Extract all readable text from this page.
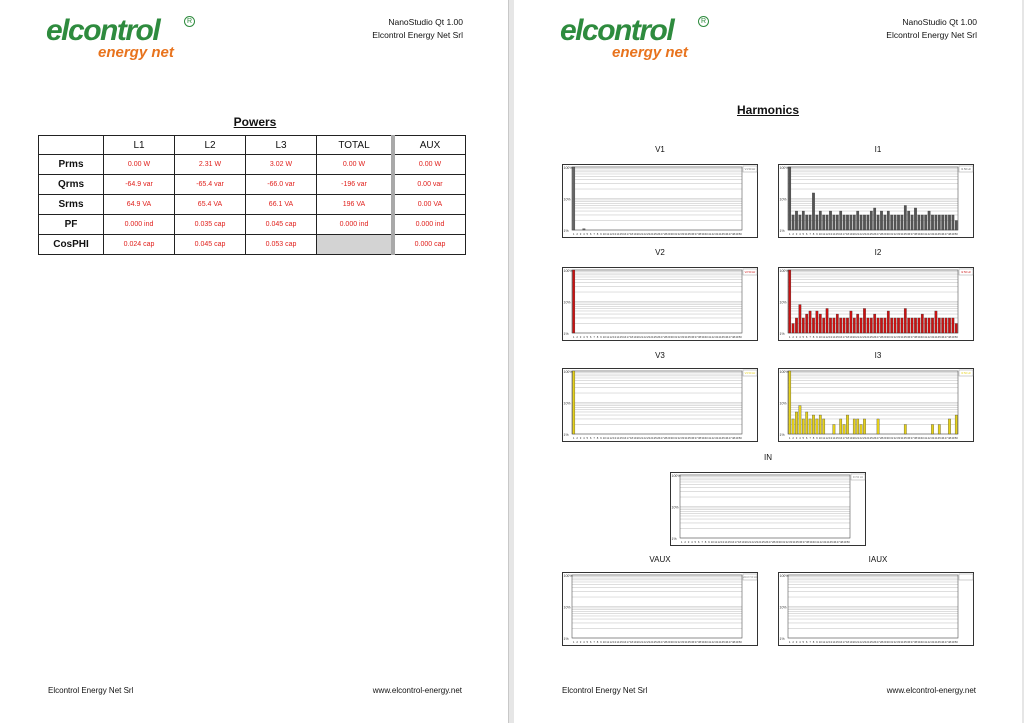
elcontrol	R
energy net
NanoStudio Qt 1.00
Elcontrol Energy Net Srl
Powers
	L1	L2	L3	TOTAL	AUX
Prms	0.00 W	2.31 W	3.02 W	0.00 W	0.00 W
Qrms	-64.9 var	-65.4 var	-66.0 var	-196 var	0.00 var
Srms	64.9 VA	65.4 VA	66.1 VA	196 VA	0.00 VA
PF	0.000 ind	0.035 cap	0.045 cap	0.000 ind	0.000 ind
CosPHI	0.024 cap	0.045 cap	0.053 cap		0.000 cap
Elcontrol Energy Net Srl	www.elcontrol-energy.net
elcontrol	R
energy net
NanoStudio Qt 1.00
Elcontrol Energy Net Srl
Harmonics
V1
100%
10%
1%
1 2 3 4 5 6 7 8 9 10 11 12 13 14 15 16 17 18 19 20 21 22 23 24 25 26 27 28 29 30 31 32 33 34 35 36 37 38 39 40 41 42 43 44 45 46 47 48 49 50
V1 50 Hz
I1
100%
10%
1%
1 2 3 4 5 6 7 8 9 10 11 12 13 14 15 16 17 18 19 20 21 22 23 24 25 26 27 28 29 30 31 32 33 34 35 36 37 38 39 40 41 42 43 44 45 46 47 48 49 50
I1 50 Hz
V2
100%
10%
1%
1 2 3 4 5 6 7 8 9 10 11 12 13 14 15 16 17 18 19 20 21 22 23 24 25 26 27 28 29 30 31 32 33 34 35 36 37 38 39 40 41 42 43 44 45 46 47 48 49 50
V2 50 Hz
I2
100%
10%
1%
1 2 3 4 5 6 7 8 9 10 11 12 13 14 15 16 17 18 19 20 21 22 23 24 25 26 27 28 29 30 31 32 33 34 35 36 37 38 39 40 41 42 43 44 45 46 47 48 49 50
I2 50 Hz
V3
100%
10%
1%
1 2 3 4 5 6 7 8 9 10 11 12 13 14 15 16 17 18 19 20 21 22 23 24 25 26 27 28 29 30 31 32 33 34 35 36 37 38 39 40 41 42 43 44 45 46 47 48 49 50
V3 50 Hz
I3
100%
10%
1%
1 2 3 4 5 6 7 8 9 10 11 12 13 14 15 16 17 18 19 20 21 22 23 24 25 26 27 28 29 30 31 32 33 34 35 36 37 38 39 40 41 42 43 44 45 46 47 48 49 50
I3 50 Hz
IN
100%
10%
1%
1 2 3 4 5 6 7 8 9 10 11 12 13 14 15 16 17 18 19 20 21 22 23 24 25 26 27 28 29 30 31 32 33 34 35 36 37 38 39 40 41 42 43 44 45 46 47 48 49 50
IN 50 Hz
VAUX
100%
10%
1%
1 2 3 4 5 6 7 8 9 10 11 12 13 14 15 16 17 18 19 20 21 22 23 24 25 26 27 28 29 30 31 32 33 34 35 36 37 38 39 40 41 42 43 44 45 46 47 48 49 50
VAUX 50 Hz
IAUX
100%
10%
1%
1 2 3 4 5 6 7 8 9 10 11 12 13 14 15 16 17 18 19 20 21 22 23 24 25 26 27 28 29 30 31 32 33 34 35 36 37 38 39 40 41 42 43 44 45 46 47 48 49 50
Elcontrol Energy Net Srl	www.elcontrol-energy.net
